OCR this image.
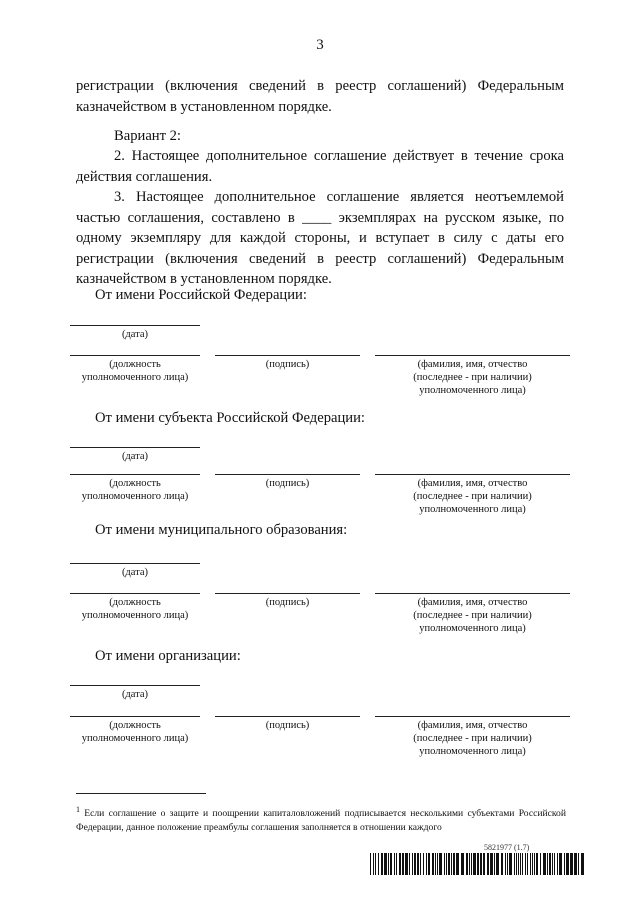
3
регистрации (включения сведений в реестр соглашений) Федеральным казначейством в установленном порядке.
Вариант 2:
2. Настоящее дополнительное соглашение действует в течение срока действия соглашения.
3. Настоящее дополнительное соглашение является неотъемлемой частью соглашения, составлено в ____ экземплярах на русском языке, по одному экземпляру для каждой стороны, и вступает в силу с даты его регистрации (включения сведений в реестр соглашений) Федеральным казначейством в установленном порядке.
От имени Российской Федерации:
(дата)
(должность
уполномоченного лица)
(подпись)	(фамилия, имя, отчество
(последнее - при наличии)
уполномоченного лица)
От имени субъекта Российской Федерации:
(дата)
(должность
уполномоченного лица)
(подпись)	(фамилия, имя, отчество
(последнее - при наличии)
уполномоченного лица)
От имени муниципального образования:
(дата)
(должность
уполномоченного лица)
(подпись)	(фамилия, имя, отчество
(последнее - при наличии)
уполномоченного лица)
От имени организации:
(дата)
(должность
уполномоченного лица)
(подпись)	(фамилия, имя, отчество
(последнее - при наличии)
уполномоченного лица)
$^1$ Если соглашение о защите и поощрении капиталовложений подписывается несколькими субъектами Российской Федерации, данное положение преамбулы соглашения заполняется в отношении каждого
5821977 (1.7)
